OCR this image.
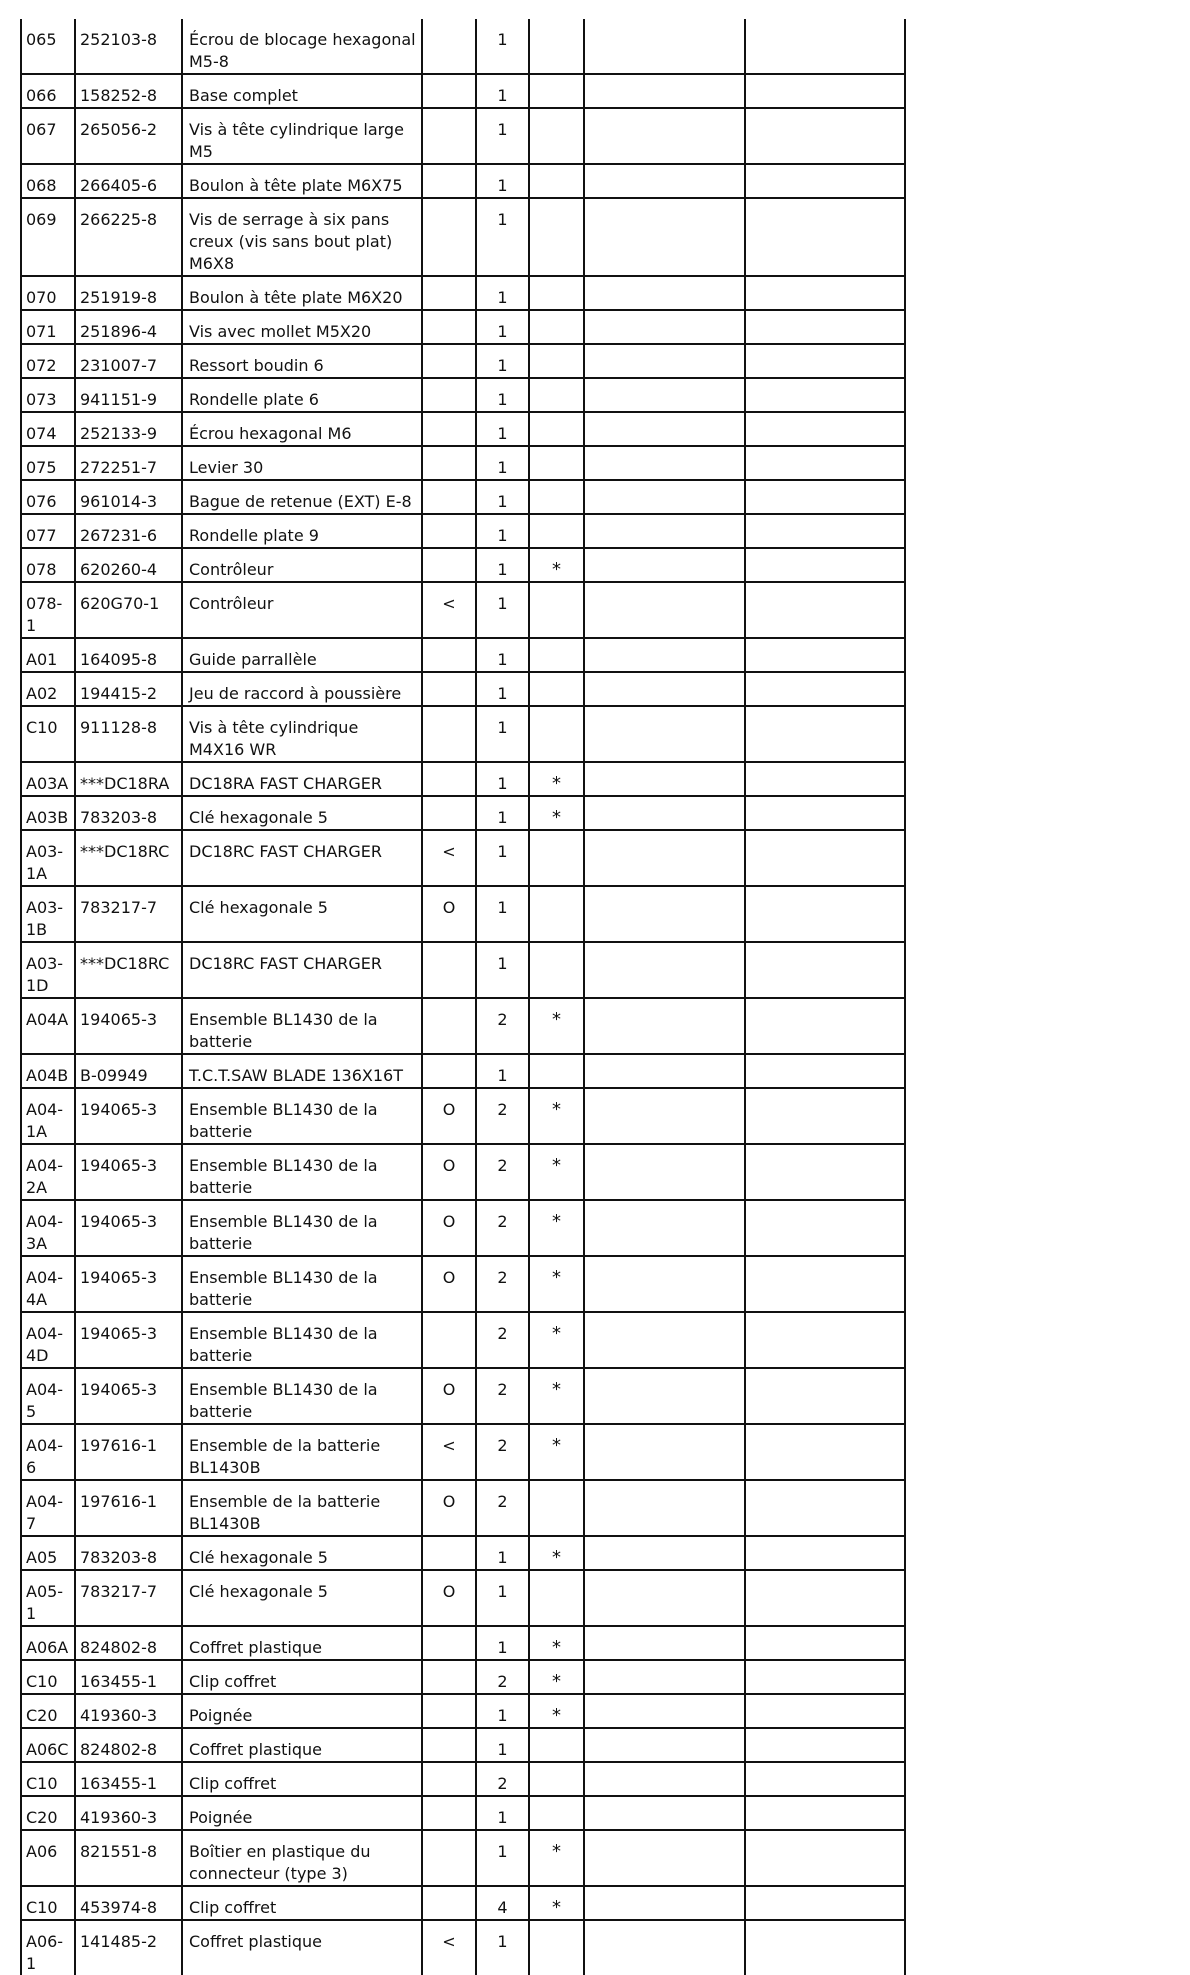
065	252103-8	Écrou de blocage hexagonal M5-8		1			
066	158252-8	Base complet		1			
067	265056-2	Vis à tête cylindrique large M5		1			
068	266405-6	Boulon à tête plate M6X75		1			
069	266225-8	Vis de serrage à six pans creux (vis sans bout plat) M6X8		1			
070	251919-8	Boulon à tête plate M6X20		1			
071	251896-4	Vis avec mollet M5X20		1			
072	231007-7	Ressort boudin 6		1			
073	941151-9	Rondelle plate 6		1			
074	252133-9	Écrou hexagonal M6		1			
075	272251-7	Levier 30		1			
076	961014-3	Bague de retenue (EXT) E-8		1			
077	267231-6	Rondelle plate 9		1			
078	620260-4	Contrôleur		1	*		
078-1	620G70-1	Contrôleur	<	1			
A01	164095-8	Guide parrallèle		1			
A02	194415-2	Jeu de raccord à poussière		1			
C10	911128-8	Vis à tête cylindrique M4X16 WR		1			
A03A	***DC18RA	DC18RA FAST CHARGER		1	*		
A03B	783203-8	Clé hexagonale 5		1	*		
A03-1A	***DC18RC	DC18RC FAST CHARGER	<	1			
A03-1B	783217-7	Clé hexagonale 5	O	1			
A03-1D	***DC18RC	DC18RC FAST CHARGER		1			
A04A	194065-3	Ensemble BL1430 de la batterie		2	*		
A04B	B-09949	T.C.T.SAW BLADE 136X16T		1			
A04-1A	194065-3	Ensemble BL1430 de la batterie	O	2	*		
A04-2A	194065-3	Ensemble BL1430 de la batterie	O	2	*		
A04-3A	194065-3	Ensemble BL1430 de la batterie	O	2	*		
A04-4A	194065-3	Ensemble BL1430 de la batterie	O	2	*		
A04-4D	194065-3	Ensemble BL1430 de la batterie		2	*		
A04-5	194065-3	Ensemble BL1430 de la batterie	O	2	*		
A04-6	197616-1	Ensemble de la batterie BL1430B	<	2	*		
A04-7	197616-1	Ensemble de la batterie BL1430B	O	2			
A05	783203-8	Clé hexagonale 5		1	*		
A05-1	783217-7	Clé hexagonale 5	O	1			
A06A	824802-8	Coffret plastique		1	*		
C10	163455-1	Clip coffret		2	*		
C20	419360-3	Poignée		1	*		
A06C	824802-8	Coffret plastique		1			
C10	163455-1	Clip coffret		2			
C20	419360-3	Poignée		1			
A06	821551-8	Boîtier en plastique du connecteur (type 3)		1	*		
C10	453974-8	Clip coffret		4	*		
A06-1	141485-2	Coffret plastique	<	1			
